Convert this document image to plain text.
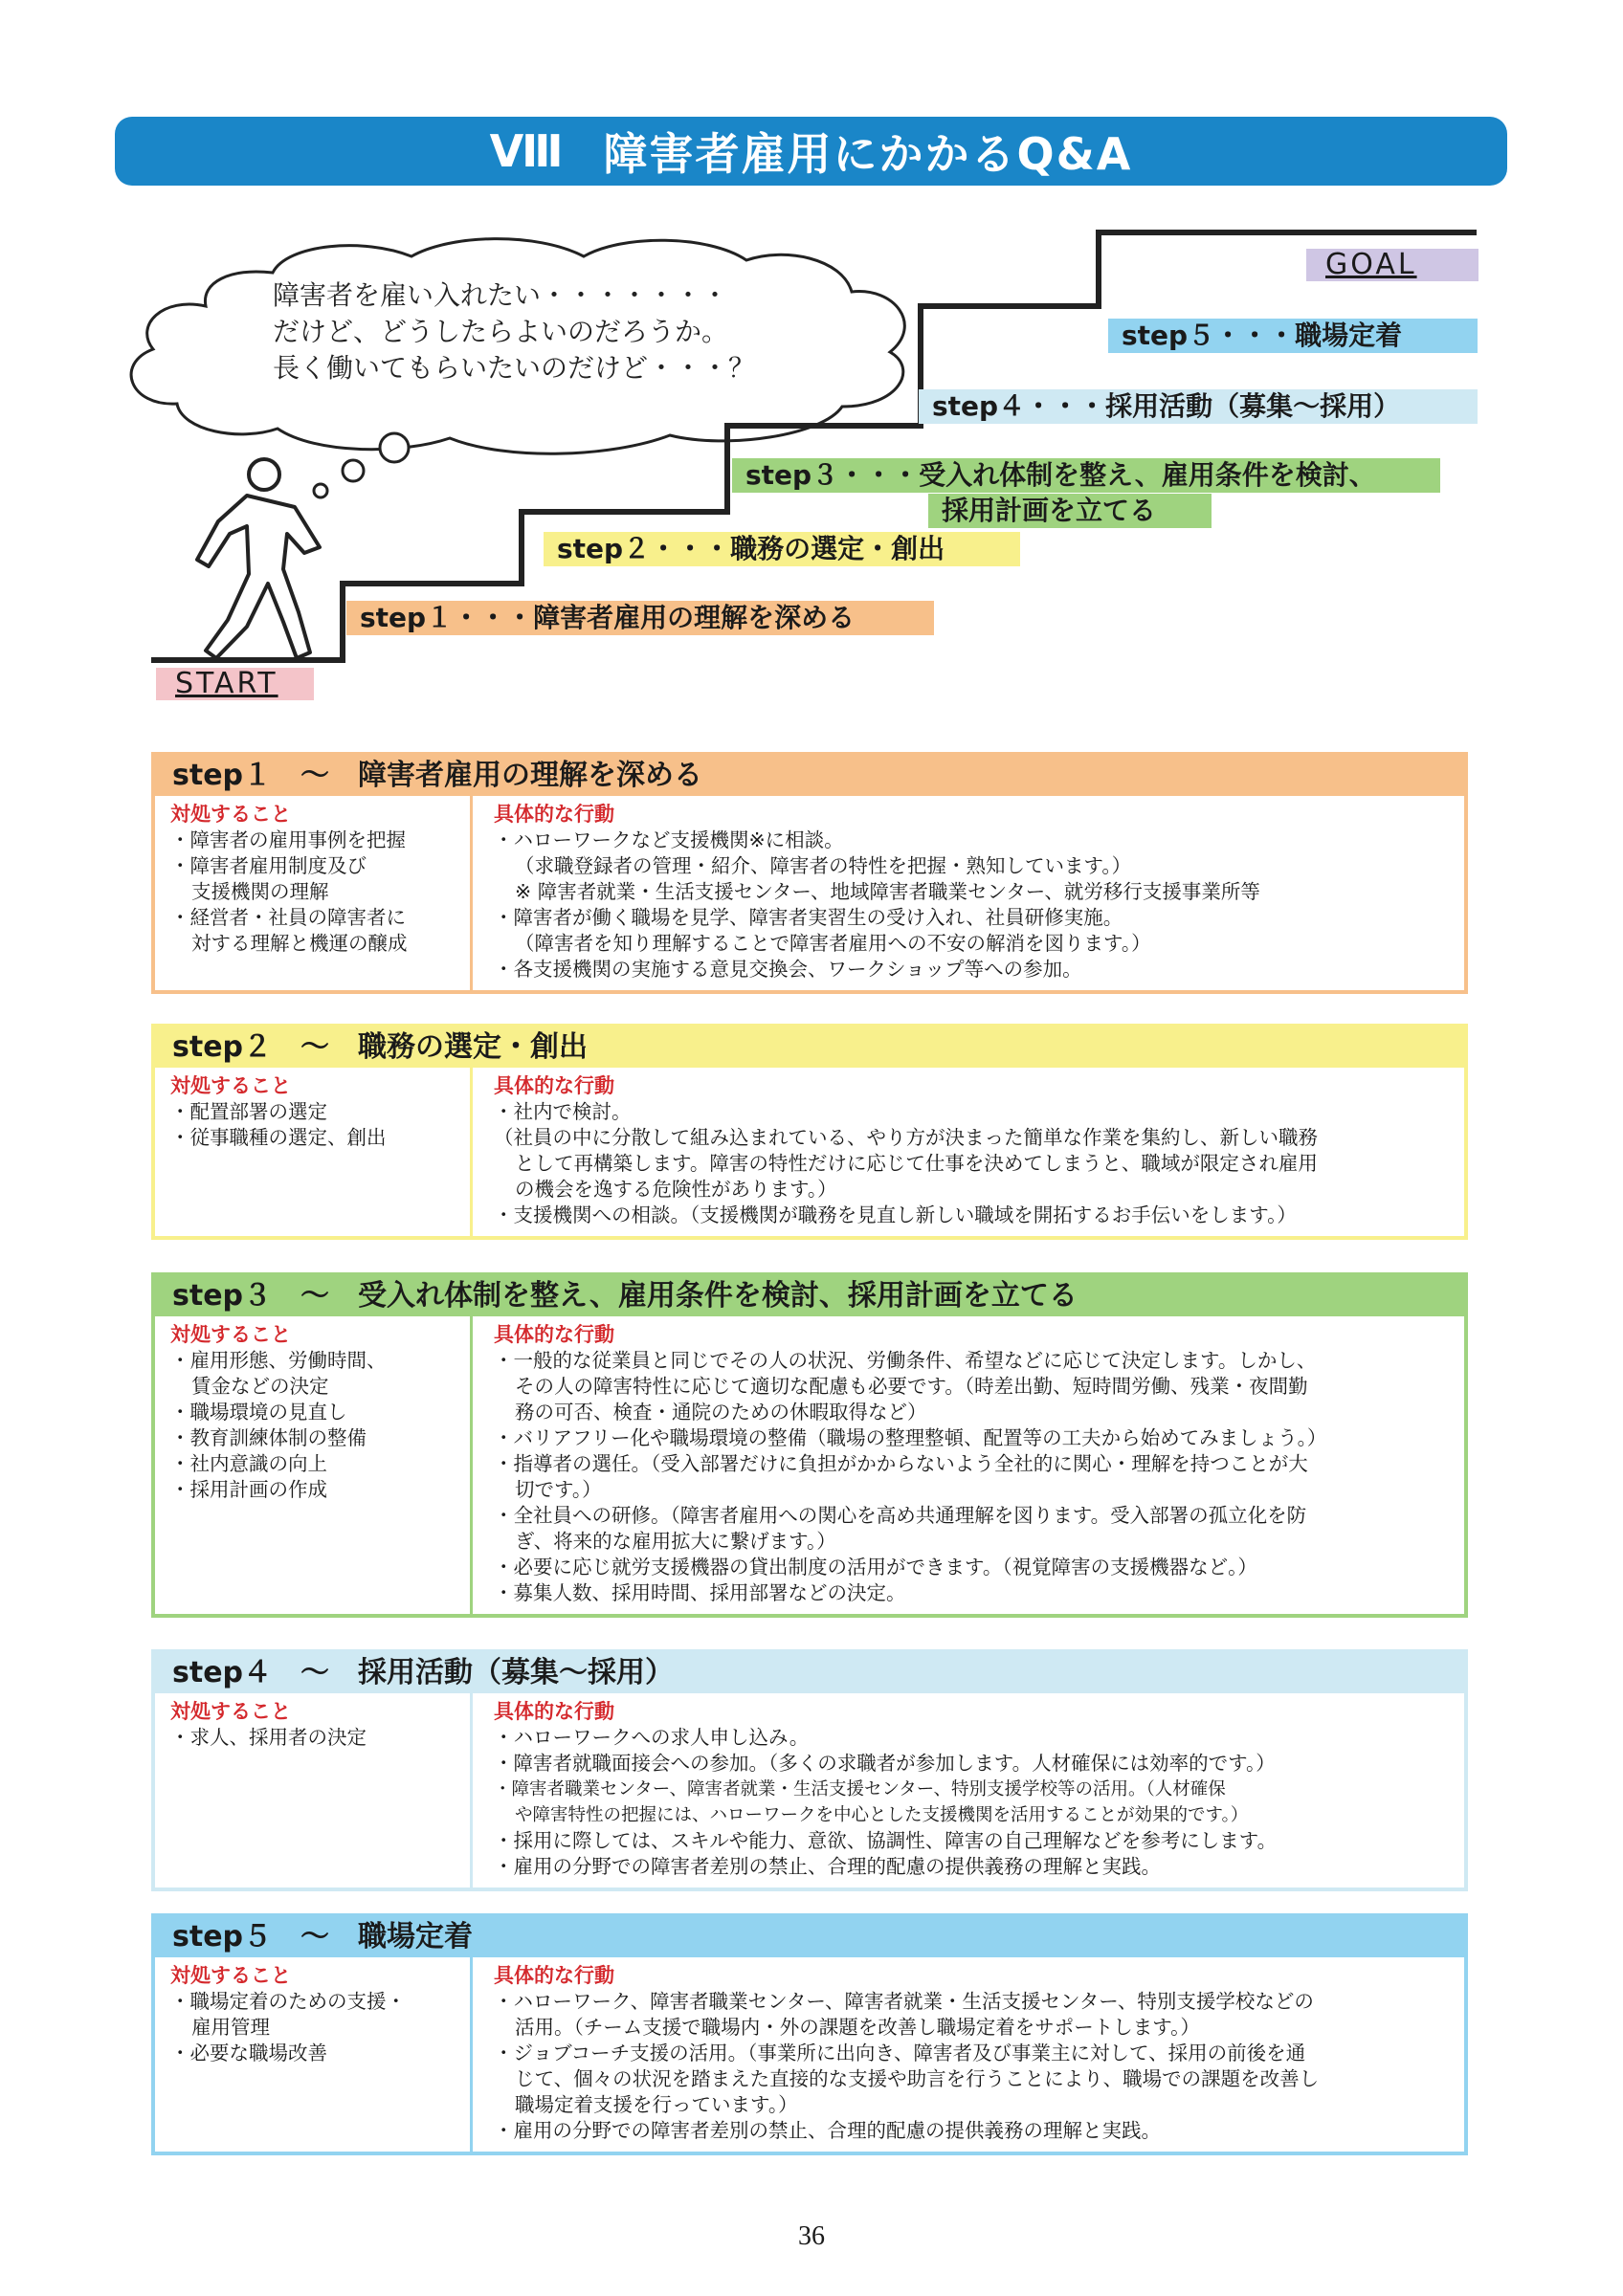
Ⅷ 障害者雇用にかかるQ&A
障害者を雇い入れたい・・・・・・・
だけど、どうしたらよいのだろうか。
長く働いてもらいたいのだけど・・・？
GOAL
step５・・・職場定着
step４・・・採用活動（募集～採用）
step３・・・受入れ体制を整え、雇用条件を検討、
採用計画を立てる
step２・・・職務の選定・創出
step１・・・障害者雇用の理解を深める
START
step１　～　障害者雇用の理解を深める
対処すること
・障害者の雇用事例を把握
・障害者雇用制度及び
支援機関の理解
・経営者・社員の障害者に
対する理解と機運の醸成
具体的な行動
・ハローワークなど支援機関※に相談。
（求職登録者の管理・紹介、障害者の特性を把握・熟知しています。）
※ 障害者就業・生活支援センター、地域障害者職業センター、就労移行支援事業所等
・障害者が働く職場を見学、障害者実習生の受け入れ、社員研修実施。
（障害者を知り理解することで障害者雇用への不安の解消を図ります。）
・各支援機関の実施する意見交換会、ワークショップ等への参加。
step２　～　職務の選定・創出
対処すること
・配置部署の選定
・従事職種の選定、創出
具体的な行動
・社内で検討。
（社員の中に分散して組み込まれている、やり方が決まった簡単な作業を集約し、新しい職務
として再構築します。障害の特性だけに応じて仕事を決めてしまうと、職域が限定され雇用
の機会を逸する危険性があります。）
・支援機関への相談。（支援機関が職務を見直し新しい職域を開拓するお手伝いをします。）
step３　～　受入れ体制を整え、雇用条件を検討、採用計画を立てる
対処すること
・雇用形態、労働時間、
賃金などの決定
・職場環境の見直し
・教育訓練体制の整備
・社内意識の向上
・採用計画の作成
具体的な行動
・一般的な従業員と同じでその人の状況、労働条件、希望などに応じて決定します。しかし、
その人の障害特性に応じて適切な配慮も必要です。（時差出勤、短時間労働、残業・夜間勤
務の可否、検査・通院のための休暇取得など）
・バリアフリー化や職場環境の整備（職場の整理整頓、配置等の工夫から始めてみましょう。）
・指導者の選任。（受入部署だけに負担がかからないよう全社的に関心・理解を持つことが大
切です。）
・全社員への研修。（障害者雇用への関心を高め共通理解を図ります。受入部署の孤立化を防
ぎ、将来的な雇用拡大に繋げます。）
・必要に応じ就労支援機器の貸出制度の活用ができます。（視覚障害の支援機器など。）
・募集人数、採用時間、採用部署などの決定。
step４　～　採用活動（募集～採用）
対処すること
・求人、採用者の決定
具体的な行動
・ハローワークへの求人申し込み。
・障害者就職面接会への参加。（多くの求職者が参加します。人材確保には効率的です。）
・障害者職業センター、障害者就業・生活支援センター、特別支援学校等の活用。（人材確保
や障害特性の把握には、ハローワークを中心とした支援機関を活用することが効果的です。）
・採用に際しては、スキルや能力、意欲、協調性、障害の自己理解などを参考にします。
・雇用の分野での障害者差別の禁止、合理的配慮の提供義務の理解と実践。
step５　～　職場定着
対処すること
・職場定着のための支援・
雇用管理
・必要な職場改善
具体的な行動
・ハローワーク、障害者職業センター、障害者就業・生活支援センター、特別支援学校などの
活用。（チーム支援で職場内・外の課題を改善し職場定着をサポートします。）
・ジョブコーチ支援の活用。（事業所に出向き、障害者及び事業主に対して、採用の前後を通
じて、個々の状況を踏まえた直接的な支援や助言を行うことにより、職場での課題を改善し
職場定着支援を行っています。）
・雇用の分野での障害者差別の禁止、合理的配慮の提供義務の理解と実践。
36
